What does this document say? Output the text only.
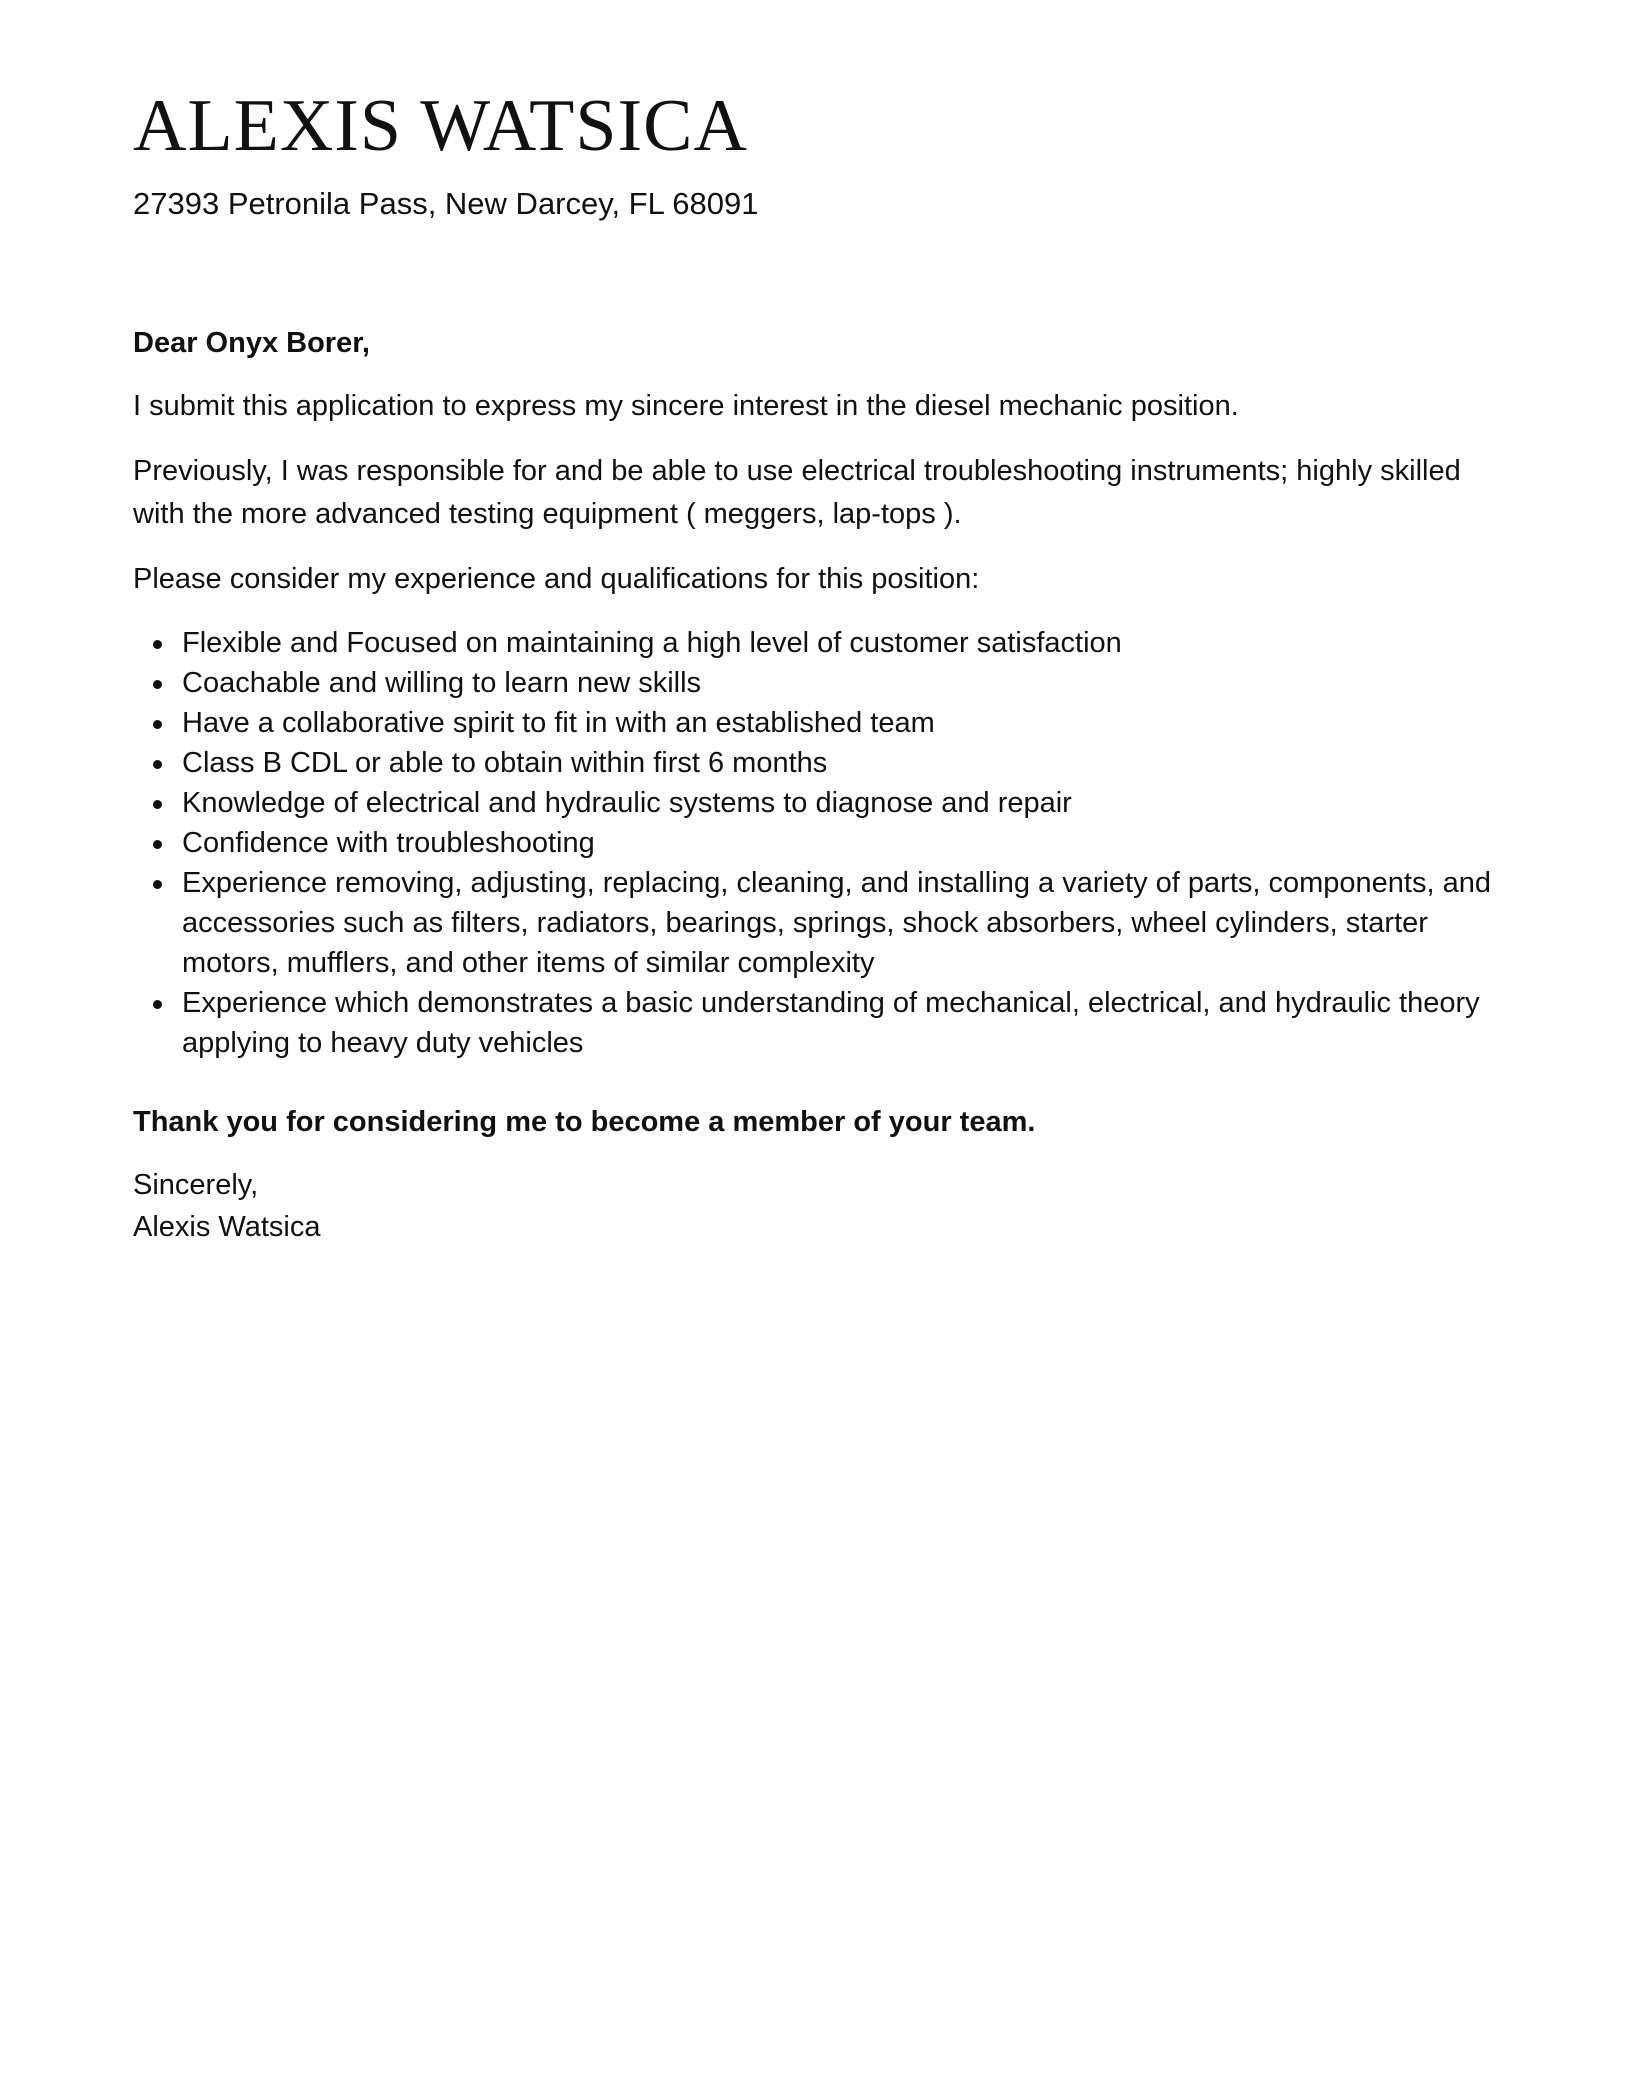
ALEXIS WATSICA
27393 Petronila Pass, New Darcey, FL 68091
Dear Onyx Borer,

I submit this application to express my sincere interest in the diesel mechanic position.

Previously, I was responsible for and be able to use electrical troubleshooting instruments; highly skilled with the more advanced testing equipment ( meggers, lap-tops ).

Please consider my experience and qualifications for this position:

Flexible and Focused on maintaining a high level of customer satisfaction
Coachable and willing to learn new skills
Have a collaborative spirit to fit in with an established team
Class B CDL or able to obtain within first 6 months
Knowledge of electrical and hydraulic systems to diagnose and repair
Confidence with troubleshooting
Experience removing, adjusting, replacing, cleaning, and installing a variety of parts, components, and accessories such as filters, radiators, bearings, springs, shock absorbers, wheel cylinders, starter motors, mufflers, and other items of similar complexity
Experience which demonstrates a basic understanding of mechanical, electrical, and hydraulic theory applying to heavy duty vehicles
Thank you for considering me to become a member of your team.
Sincerely,
Alexis Watsica
